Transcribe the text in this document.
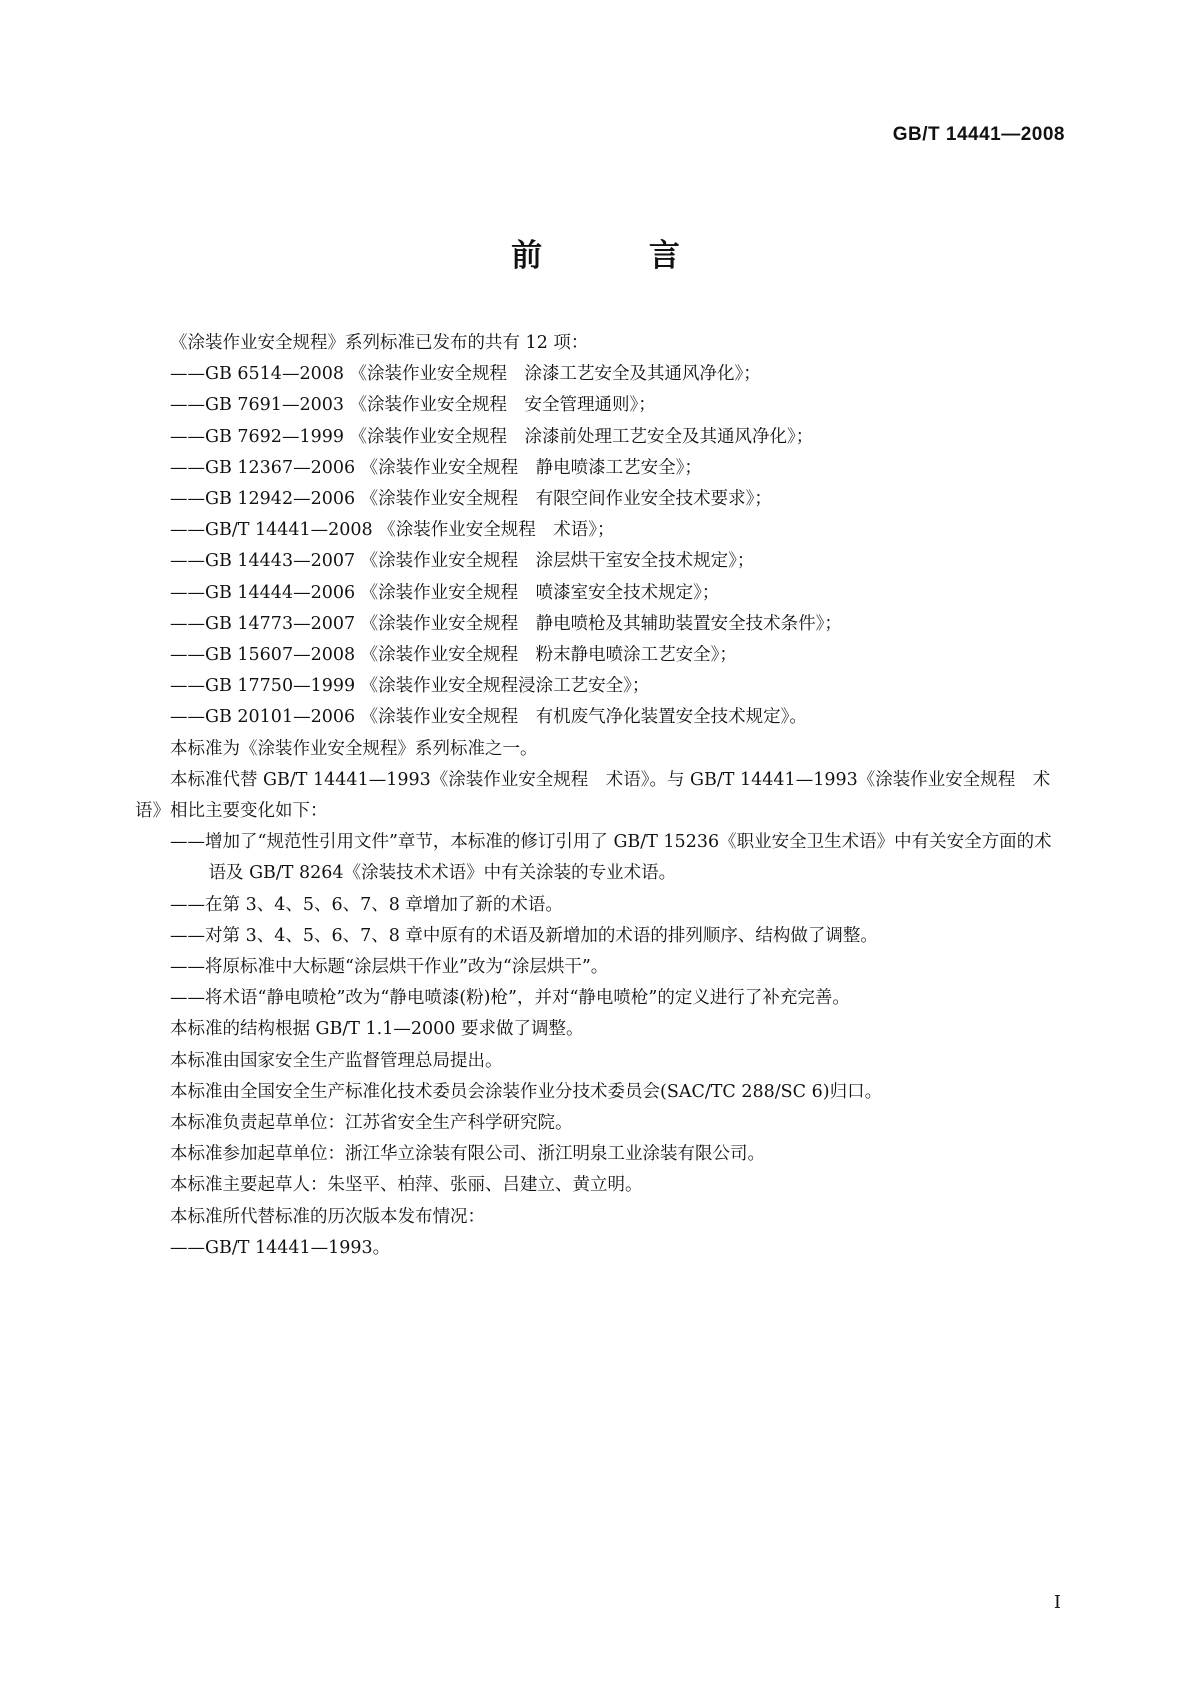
GB/T 14441—2008
前 言
《涂装作业安全规程》系列标准已发布的共有 12 项：
——GB 6514—2008 《涂装作业安全规程　涂漆工艺安全及其通风净化》；
——GB 7691—2003 《涂装作业安全规程　安全管理通则》；
——GB 7692—1999 《涂装作业安全规程　涂漆前处理工艺安全及其通风净化》；
——GB 12367—2006 《涂装作业安全规程　静电喷漆工艺安全》；
——GB 12942—2006 《涂装作业安全规程　有限空间作业安全技术要求》；
——GB/T 14441—2008 《涂装作业安全规程　术语》；
——GB 14443—2007 《涂装作业安全规程　涂层烘干室安全技术规定》；
——GB 14444—2006 《涂装作业安全规程　喷漆室安全技术规定》；
——GB 14773—2007 《涂装作业安全规程　静电喷枪及其辅助装置安全技术条件》；
——GB 15607—2008 《涂装作业安全规程　粉末静电喷涂工艺安全》；
——GB 17750—1999 《涂装作业安全规程浸涂工艺安全》；
——GB 20101—2006 《涂装作业安全规程　有机废气净化装置安全技术规定》。
本标准为《涂装作业安全规程》系列标准之一。
本标准代替 GB/T 14441—1993《涂装作业安全规程　术语》。与 GB/T 14441—1993《涂装作业安全规程　术语》相比主要变化如下：
——增加了“规范性引用文件”章节，本标准的修订引用了 GB/T 15236《职业安全卫生术语》中有关安全方面的术语及 GB/T 8264《涂装技术术语》中有关涂装的专业术语。
——在第 3、4、5、6、7、8 章增加了新的术语。
——对第 3、4、5、6、7、8 章中原有的术语及新增加的术语的排列顺序、结构做了调整。
——将原标准中大标题“涂层烘干作业”改为“涂层烘干”。
——将术语“静电喷枪”改为“静电喷漆(粉)枪”，并对“静电喷枪”的定义进行了补充完善。
本标准的结构根据 GB/T 1.1—2000 要求做了调整。
本标准由国家安全生产监督管理总局提出。
本标准由全国安全生产标准化技术委员会涂装作业分技术委员会(SAC/TC 288/SC 6)归口。
本标准负责起草单位：江苏省安全生产科学研究院。
本标准参加起草单位：浙江华立涂装有限公司、浙江明泉工业涂装有限公司。
本标准主要起草人：朱坚平、柏萍、张丽、吕建立、黄立明。
本标准所代替标准的历次版本发布情况：
——GB/T 14441—1993。
I
